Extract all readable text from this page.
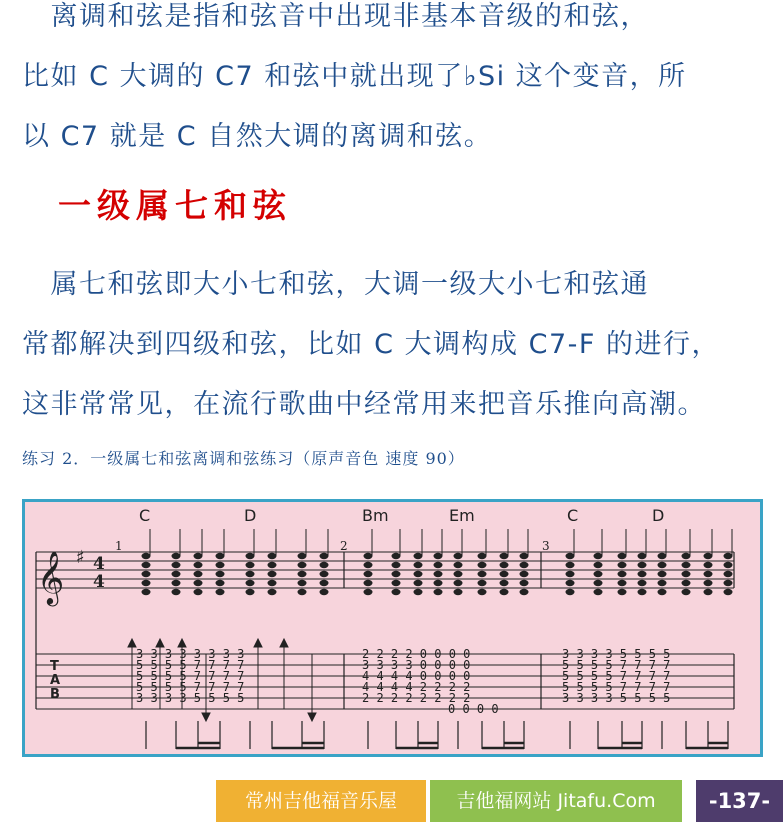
　离调和弦是指和弦音中出现非基本音级的和弦，

比如 C 大调的 C7 和弦中就出现了♭Si 这个变音，所

以 C7 就是 C 自然大调的离调和弦。

一级属七和弦

　属七和弦即大小七和弦，大调一级大小七和弦通

常都解决到四级和弦，比如 C 大调构成 C7-F 的进行，

这非常常见，在流行歌曲中经常用来把音乐推向高潮。

练习 2．一级属七和弦离调和弦练习（原声音色 速度 90）
𝄞 ♯ 4
4
T
A
B
1	2	3
C	D	Bm	Em	C	D
3 3 3 3 3 3 3 3
5 5 5 5 7 7 7 7
5 5 5 5 7 7 7 7
5 5 5 5 7 7 7 7
3 3 3 3 5 5 5 5
2 2 2 2 0 0 0 0
3 3 3 3 0 0 0 0
4 4 4 4 0 0 0 0
4 4 4 4 2 2 2 2
2 2 2 2 2 2 2 2
0 0 0 0
3 3 3 3 5 5 5 5
5 5 5 5 7 7 7 7
5 5 5 5 7 7 7 7
5 5 5 5 7 7 7 7
3 3 3 3 5 5 5 5
常州吉他福音乐屋	吉他福网站 Jitafu.Com	-137-
